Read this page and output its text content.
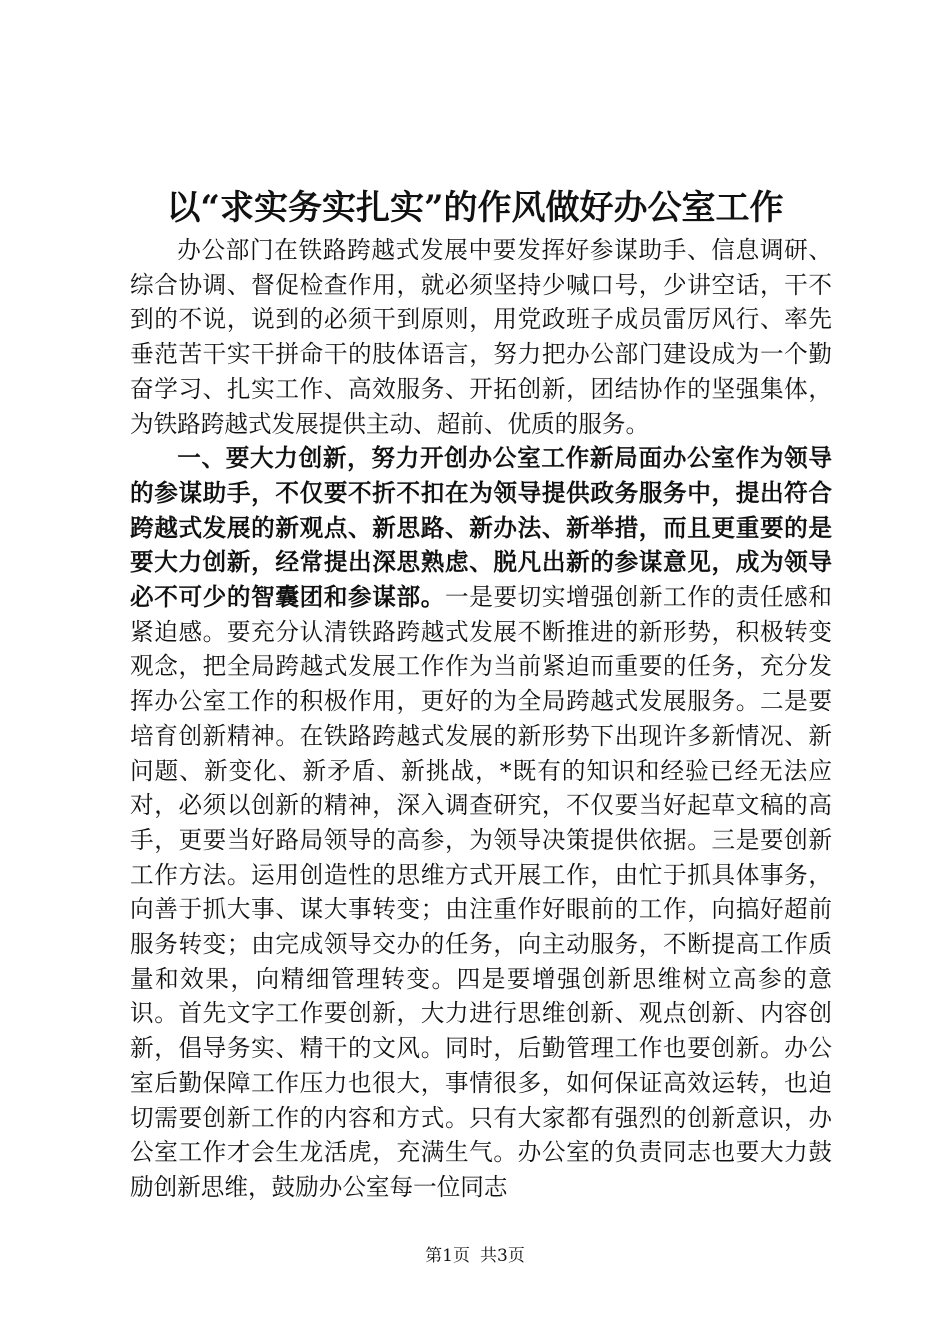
以“求实务实扎实”的作风做好办公室工作

办公部门在铁路跨越式发展中要发挥好参谋助手、信息调研、综合协调、督促检查作用，就必须坚持少喊口号，少讲空话，干不到的不说，说到的必须干到原则，用党政班子成员雷厉风行、率先垂范苦干实干拼命干的肢体语言，努力把办公部门建设成为一个勤奋学习、扎实工作、高效服务、开拓创新，团结协作的坚强集体，为铁路跨越式发展提供主动、超前、优质的服务。

一、要大力创新，努力开创办公室工作新局面办公室作为领导的参谋助手，不仅要不折不扣在为领导提供政务服务中，提出符合跨越式发展的新观点、新思路、新办法、新举措，而且更重要的是要大力创新，经常提出深思熟虑、脱凡出新的参谋意见，成为领导必不可少的智囊团和参谋部。一是要切实增强创新工作的责任感和紧迫感。要充分认清铁路跨越式发展不断推进的新形势，积极转变观念，把全局跨越式发展工作作为当前紧迫而重要的任务，充分发挥办公室工作的积极作用，更好的为全局跨越式发展服务。二是要培育创新精神。在铁路跨越式发展的新形势下出现许多新情况、新问题、新变化、新矛盾、新挑战，*既有的知识和经验已经无法应对，必须以创新的精神，深入调查研究，不仅要当好起草文稿的高手，更要当好路局领导的高参，为领导决策提供依据。三是要创新工作方法。运用创造性的思维方式开展工作，由忙于抓具体事务，向善于抓大事、谋大事转变；由注重作好眼前的工作，向搞好超前服务转变；由完成领导交办的任务，向主动服务，不断提高工作质量和效果，向精细管理转变。四是要增强创新思维树立高参的意识。首先文字工作要创新，大力进行思维创新、观点创新、内容创新，倡导务实、精干的文风。同时，后勤管理工作也要创新。办公室后勤保障工作压力也很大，事情很多，如何保证高效运转，也迫切需要创新工作的内容和方式。只有大家都有强烈的创新意识，办公室工作才会生龙活虎，充满生气。办公室的负责同志也要大力鼓励创新思维，鼓励办公室每一位同志

第1页 共3页
